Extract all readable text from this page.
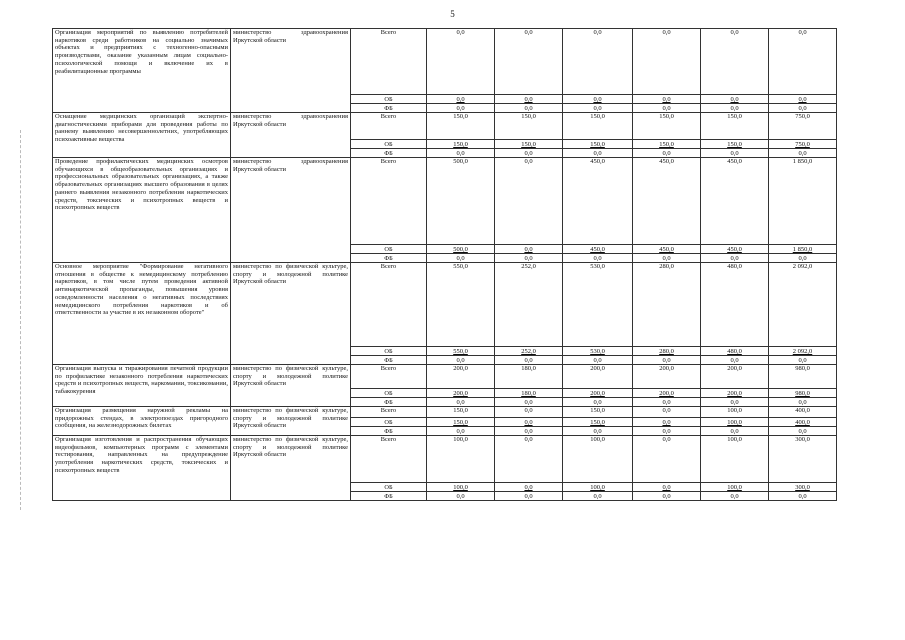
5
Организация мероприятий по выявлению потребителей наркотиков среди работников на социально значимых объектах и предприятиях с техногенно-опасными производствами, оказание указанным лицам социально-психологической помощи и включение их в реабилитационные программы	министерство здравоохранения Иркутской области	Всего	0,0	0,0	0,0	0,0	0,0	0,0
		ОБ	0,0	0,0	0,0	0,0	0,0	0,0
		ФБ	0,0	0,0	0,0	0,0	0,0	0,0
Оснащение медицинских организаций экспертно-диагностическими приборами для проведения работы по раннему выявлению несовершеннолетних, употребляющих психоактивные вещества	министерство здравоохранения Иркутской области	Всего	150,0	150,0	150,0	150,0	150,0	750,0
		ОБ	150,0	150,0	150,0	150,0	150,0	750,0
		ФБ	0,0	0,0	0,0	0,0	0,0	0,0
Проведение профилактических медицинских осмотров обучающихся в общеобразовательных организациях и профессиональных образовательных организациях, а также образовательных организациях высшего образования в целях раннего выявления незаконного потребления наркотических средств, токсических и психотропных веществ и психотропных веществ	министерство здравоохранения Иркутской области	Всего	500,0	0,0	450,0	450,0	450,0	1 850,0
		ОБ	500,0	0,0	450,0	450,0	450,0	1 850,0
		ФБ	0,0	0,0	0,0	0,0	0,0	0,0
Основное мероприятие "Формирование негативного отношения в обществе к немедицинскому потреблению наркотиков, в том числе путем проведения активной антинаркотической пропаганды, повышения уровня осведомленности населения о негативных последствиях немедицинского потребления наркотиков и об ответственности за участие в их незаконном обороте"	министерство по физической культуре, спорту и молодежной политике Иркутской области	Всего	550,0	252,0	530,0	280,0	480,0	2 092,0
		ОБ	550,0	252,0	530,0	280,0	480,0	2 092,0
		ФБ	0,0	0,0	0,0	0,0	0,0	0,0
Организация выпуска и тиражирования печатной продукции по профилактике незаконного потребления наркотических средств и психотропных веществ, наркомании, токсикомании, табакокурения	министерство по физической культуре, спорту и молодежной политике Иркутской области	Всего	200,0	180,0	200,0	200,0	200,0	980,0
		ОБ	200,0	180,0	200,0	200,0	200,0	980,0
		ФБ	0,0	0,0	0,0	0,0	0,0	0,0
Организация размещения наружной рекламы на придорожных стендах, в электропоездах пригородного сообщения, на железнодорожных билетах	министерство по физической культуре, спорту и молодежной политике Иркутской области	Всего	150,0	0,0	150,0	0,0	100,0	400,0
		ОБ	150,0	0,0	150,0	0,0	100,0	400,0
		ФБ	0,0	0,0	0,0	0,0	0,0	0,0
Организация изготовления и распространения обучающих видеофильмов, компьютерных программ с элементами тестирования, направленных на предупреждение употребления наркотических средств, токсических и психотропных веществ	министерство по физической культуре, спорту и молодежной политике Иркутской области	Всего	100,0	0,0	100,0	0,0	100,0	300,0
		ОБ	100,0	0,0	100,0	0,0	100,0	300,0
		ФБ	0,0	0,0	0,0	0,0	0,0	0,0
